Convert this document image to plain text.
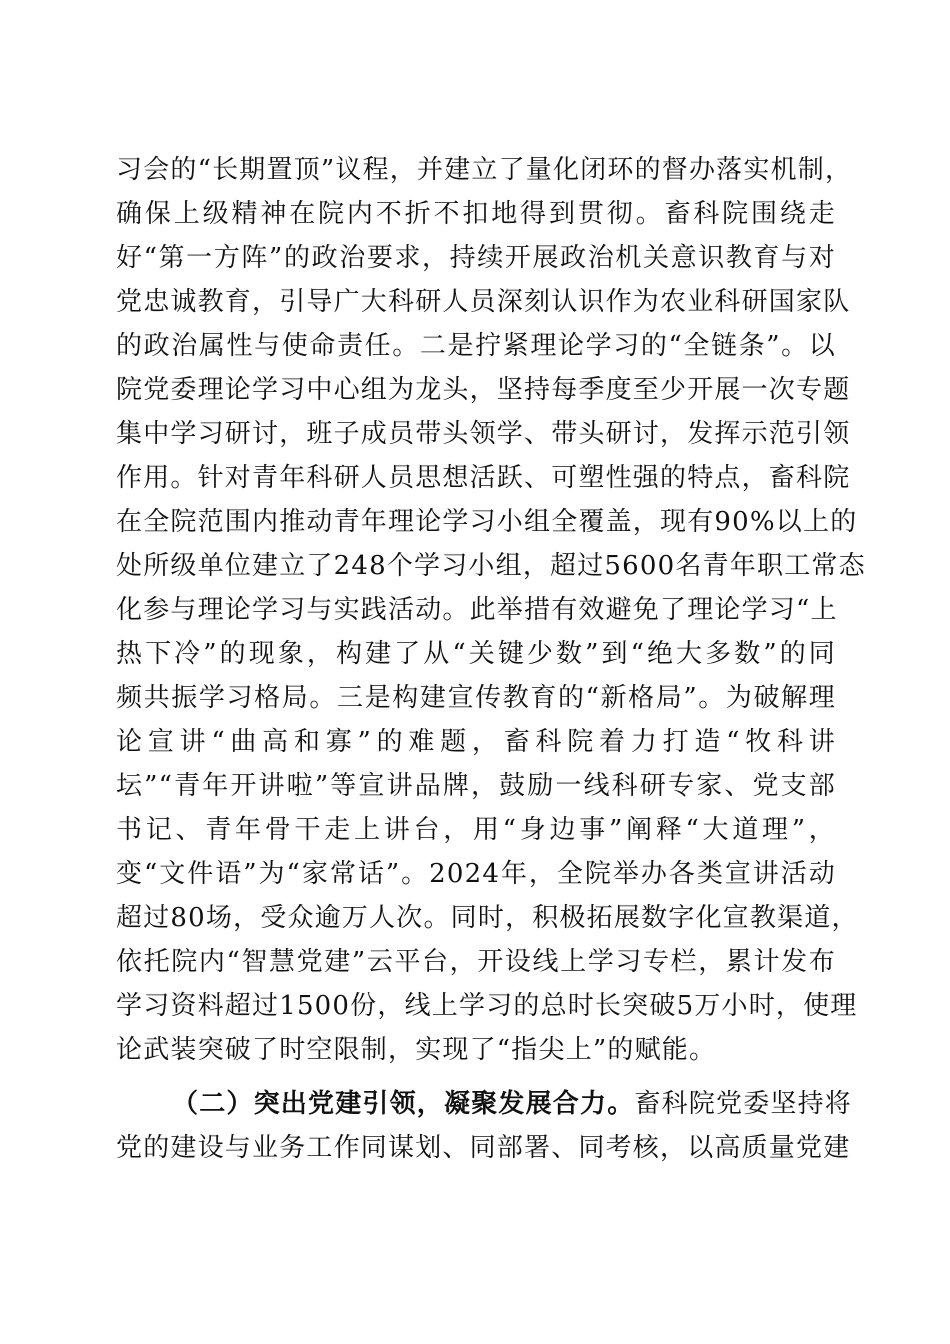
习会的“长期置顶”议程，并建立了量化闭环的督办落实机制，
确保上级精神在院内不折不扣地得到贯彻。畜科院围绕走
好“第一方阵”的政治要求，持续开展政治机关意识教育与对
党忠诚教育，引导广大科研人员深刻认识作为农业科研国家队
的政治属性与使命责任。二是拧紧理论学习的“全链条”。以
院党委理论学习中心组为龙头，坚持每季度至少开展一次专题
集中学习研讨，班子成员带头领学、带头研讨，发挥示范引领
作用。针对青年科研人员思想活跃、可塑性强的特点，畜科院
在全院范围内推动青年理论学习小组全覆盖，现有90%以上的
处所级单位建立了248个学习小组，超过5600名青年职工常态
化参与理论学习与实践活动。此举措有效避免了理论学习“上
热下冷”的现象，构建了从“关键少数”到“绝大多数”的同
频共振学习格局。三是构建宣传教育的“新格局”。为破解理
论宣讲“曲高和寡”的难题，畜科院着力打造“牧科讲
坛”“青年开讲啦”等宣讲品牌，鼓励一线科研专家、党支部
书记、青年骨干走上讲台，用“身边事”阐释“大道理”，
变“文件语”为“家常话”。2024年，全院举办各类宣讲活动
超过80场，受众逾万人次。同时，积极拓展数字化宣教渠道，
依托院内“智慧党建”云平台，开设线上学习专栏，累计发布
学习资料超过1500份，线上学习的总时长突破5万小时，使理
论武装突破了时空限制，实现了“指尖上”的赋能。
（二）突出党建引领，凝聚发展合力。畜科院党委坚持将
党的建设与业务工作同谋划、同部署、同考核，以高质量党建
